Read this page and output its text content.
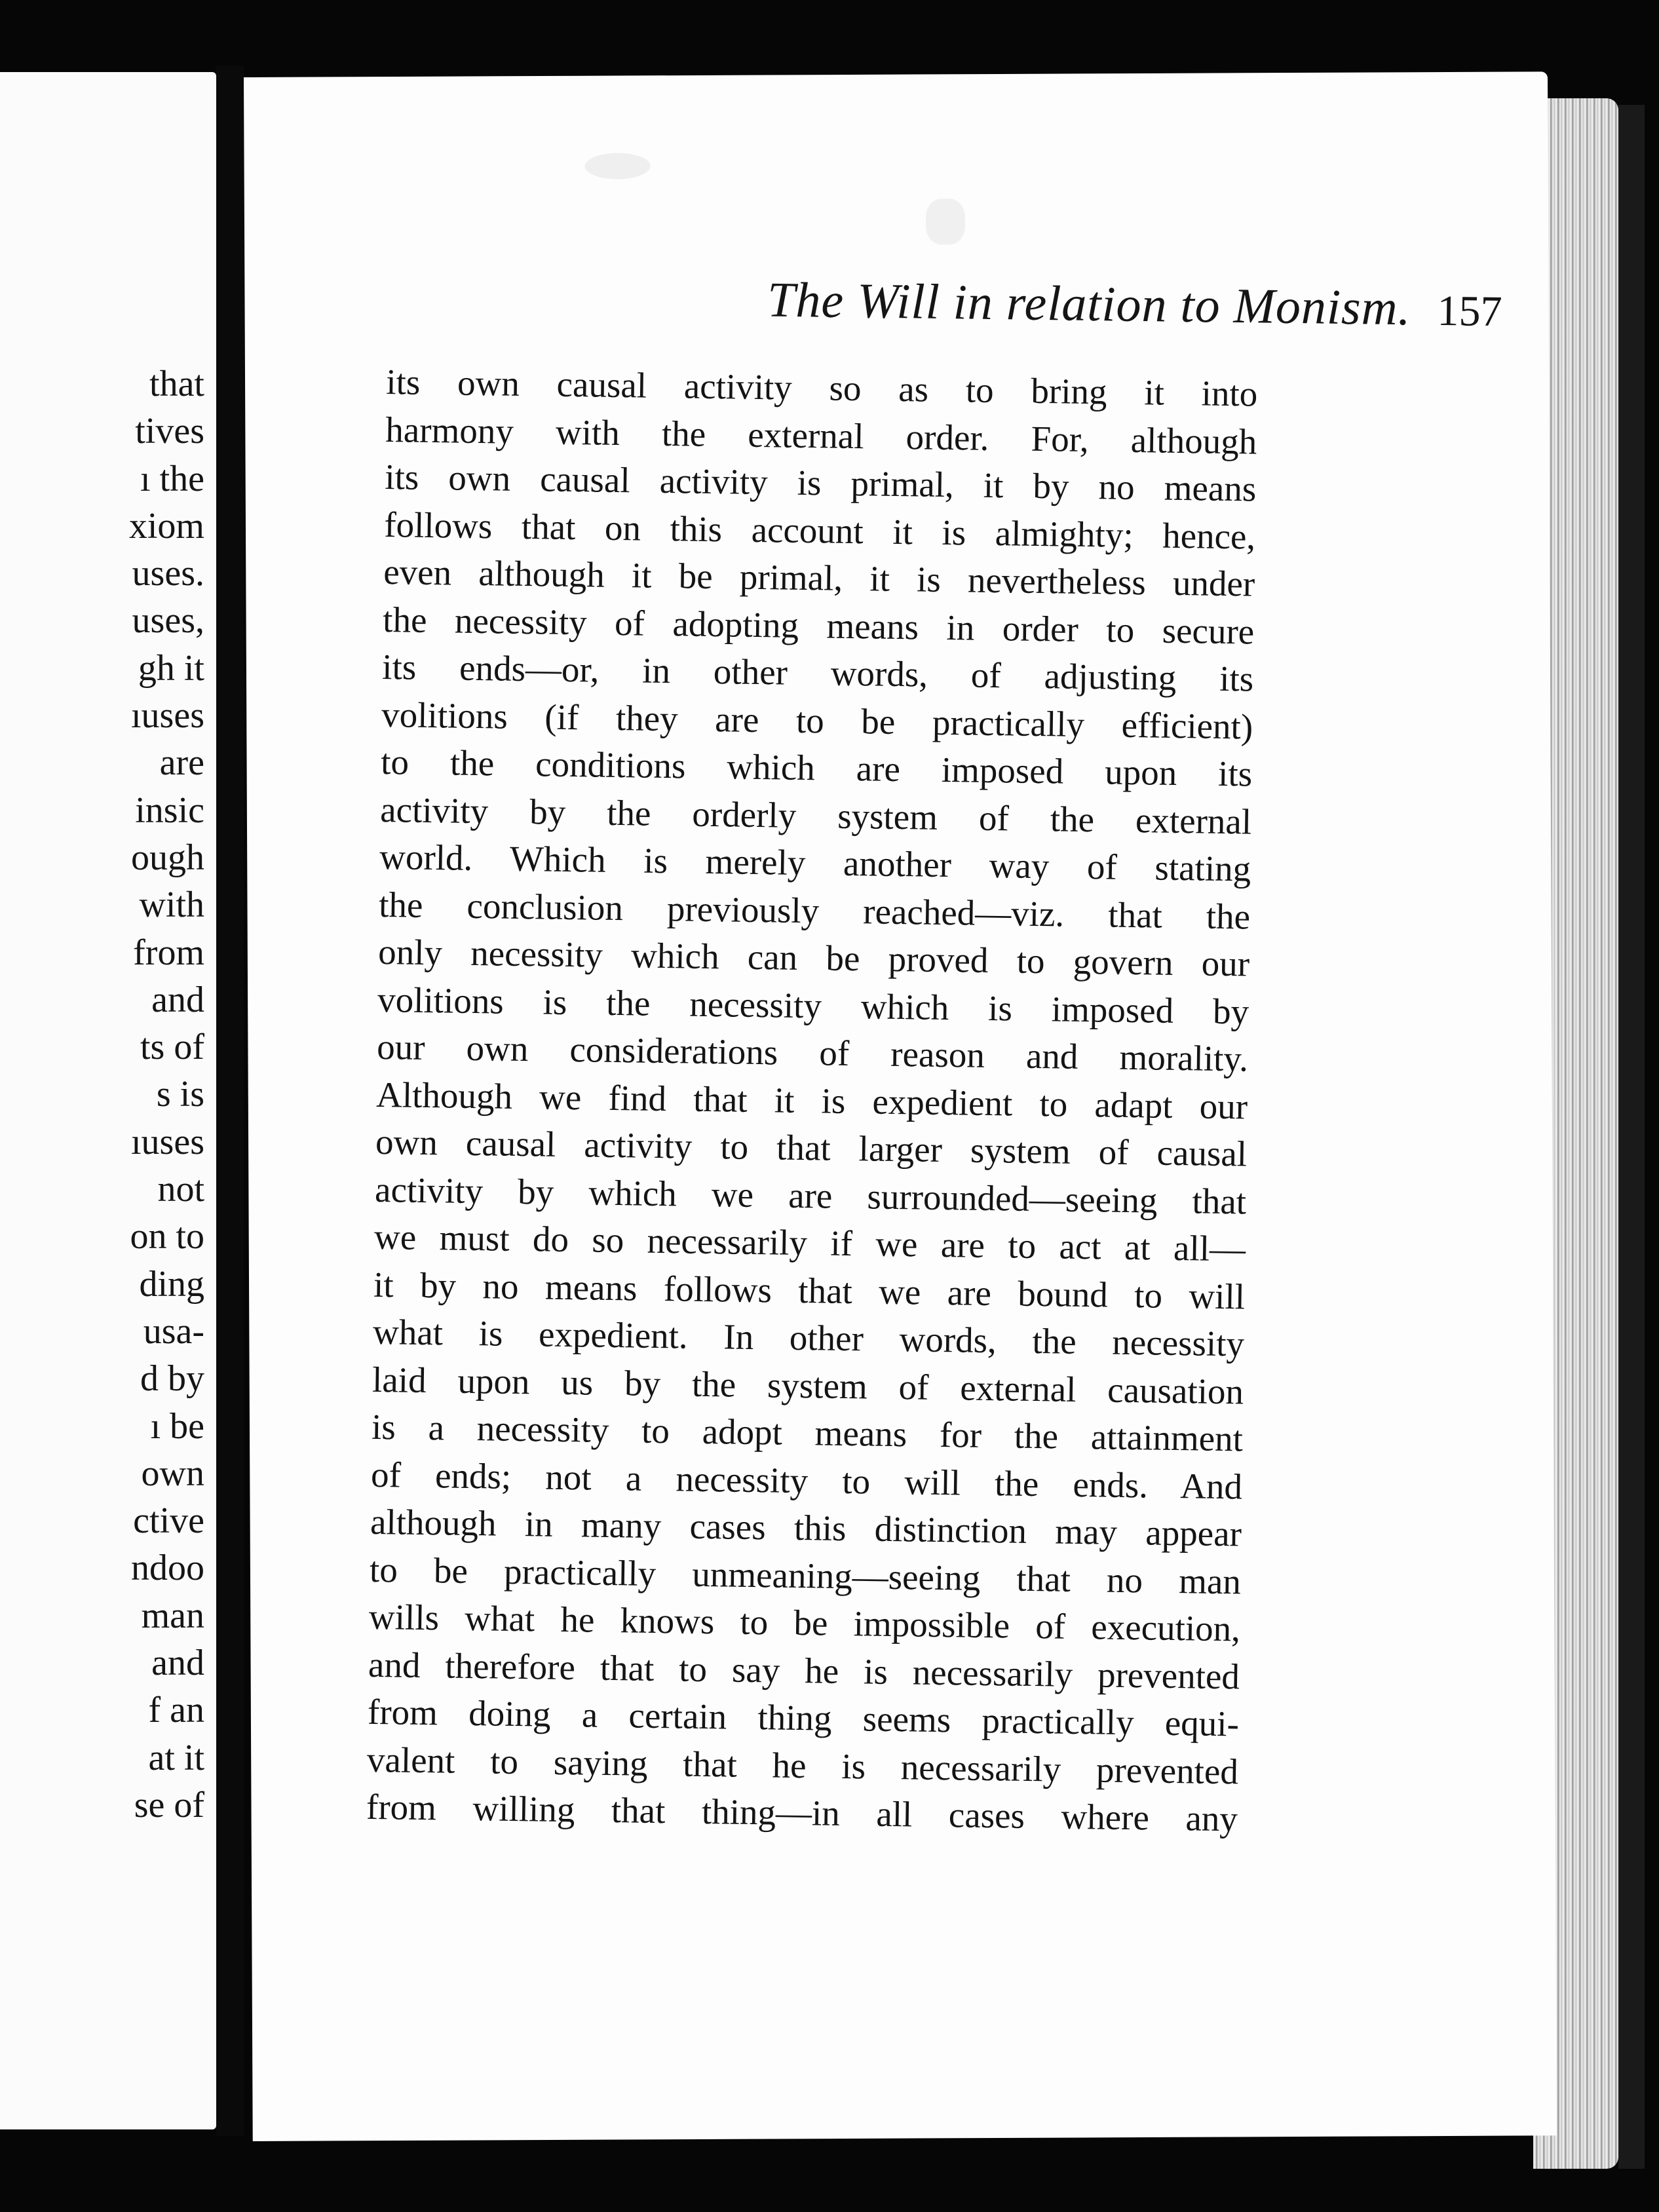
that
tives
ı the
xiom
uses.
uses,
gh it
ıuses
are
insic
ough
with
from
and
ts of
s is
ıuses
not
on to
ding
usa-
d by
ı be
own
ctive
ndoo
man
and
f an
at it
se of
The Will in relation to Monism. 157
its own causal activity so as to bring it into
harmony with the external order. For, although
its own causal activity is primal, it by no means
follows that on this account it is almighty; hence,
even although it be primal, it is nevertheless under
the necessity of adopting means in order to secure
its ends—or, in other words, of adjusting its
volitions (if they are to be practically efficient)
to the conditions which are imposed upon its
activity by the orderly system of the external
world. Which is merely another way of stating
the conclusion previously reached—viz. that the
only necessity which can be proved to govern our
volitions is the necessity which is imposed by
our own considerations of reason and morality.
Although we find that it is expedient to adapt our
own causal activity to that larger system of causal
activity by which we are surrounded—seeing that
we must do so necessarily if we are to act at all—
it by no means follows that we are bound to will
what is expedient. In other words, the necessity
laid upon us by the system of external causation
is a necessity to adopt means for the attainment
of ends; not a necessity to will the ends. And
although in many cases this distinction may appear
to be practically unmeaning—seeing that no man
wills what he knows to be impossible of execution,
and therefore that to say he is necessarily prevented
from doing a certain thing seems practically equi-
valent to saying that he is necessarily prevented
from willing that thing—in all cases where any
